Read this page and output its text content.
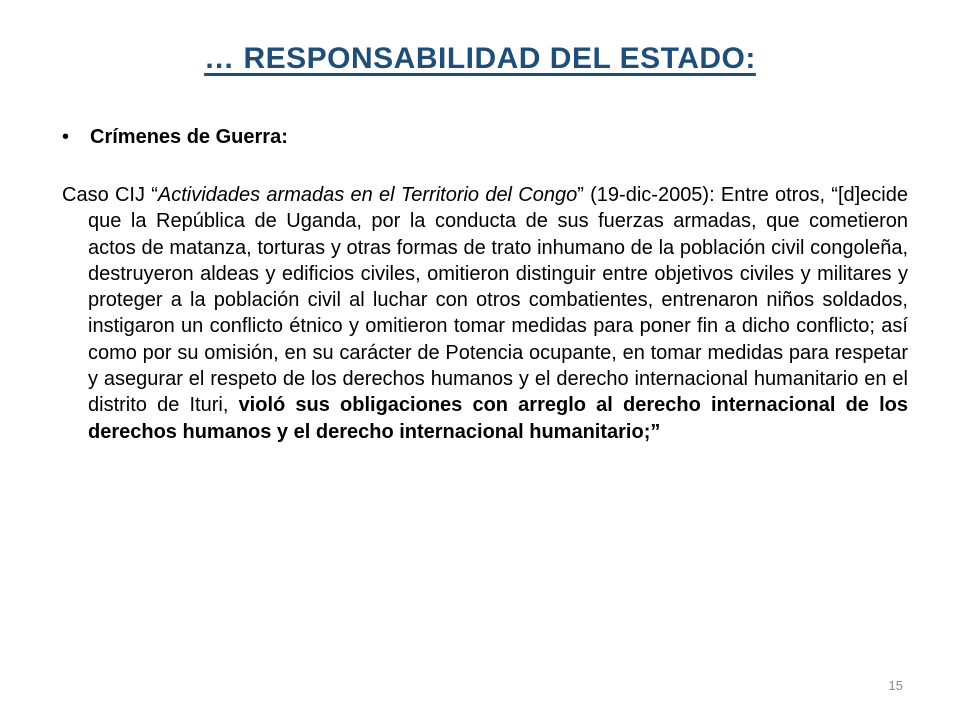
… RESPONSABILIDAD DEL ESTADO:
•	Crímenes de Guerra:
Caso CIJ “Actividades armadas en el Territorio del Congo” (19-dic-2005): Entre otros, “[d]ecide que la República de Uganda, por la conducta de sus fuerzas armadas, que cometieron actos de matanza, torturas y otras formas de trato inhumano de la población civil congoleña, destruyeron aldeas y edificios civiles, omitieron distinguir entre objetivos civiles y militares y proteger a la población civil al luchar con otros combatientes, entrenaron niños soldados, instigaron un conflicto étnico y omitieron tomar medidas para poner fin a dicho conflicto; así como por su omisión, en su carácter de Potencia ocupante, en tomar medidas para respetar y asegurar el respeto de los derechos humanos y el derecho internacional humanitario en el distrito de Ituri, violó sus obligaciones con arreglo al derecho internacional de los derechos humanos y el derecho internacional humanitario;”
15
